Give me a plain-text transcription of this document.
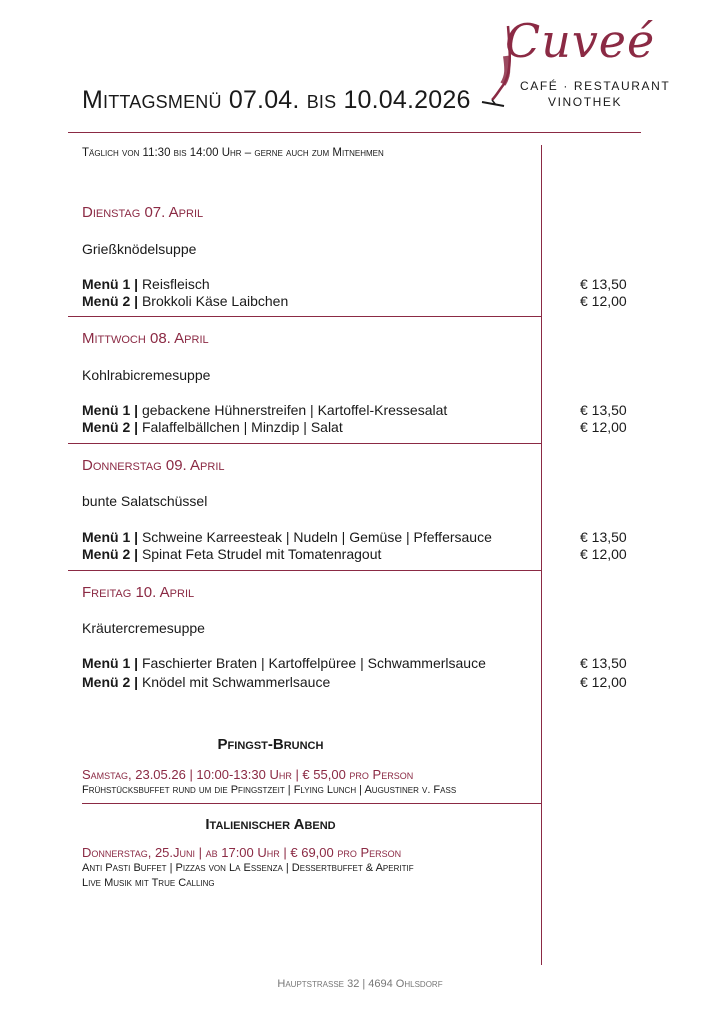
Mittagsmenü 07.04. bis 10.04.2026
Cuveé
CAFÉ · RESTAURANT
VINOTHEK
Täglich von 11:30 bis 14:00 Uhr – gerne auch zum Mitnehmen
Dienstag 07. April
Grießknödelsuppe
Menü 1 | Reisfleisch	€ 13,50
Menü 2 | Brokkoli Käse Laibchen	€ 12,00
Mittwoch 08. April
Kohlrabicremesuppe
Menü 1 | gebackene Hühnerstreifen | Kartoffel-Kressesalat	€ 13,50
Menü 2 | Falaffelbällchen | Minzdip | Salat	€ 12,00
Donnerstag 09. April
bunte Salatschüssel
Menü 1 | Schweine Karreesteak | Nudeln | Gemüse | Pfeffersauce	€ 13,50
Menü 2 | Spinat Feta Strudel mit Tomatenragout	€ 12,00
Freitag 10. April
Kräutercremesuppe
Menü 1 | Faschierter Braten | Kartoffelpüree | Schwammerlsauce	€ 13,50
Menü 2 | Knödel mit Schwammerlsauce	€ 12,00
Pfingst-Brunch
Samstag, 23.05.26 | 10:00-13:30 Uhr | € 55,00 pro Person
Frühstücksbuffet rund um die Pfingstzeit | Flying Lunch | Augustiner v. Faß
Italienischer Abend
Donnerstag, 25.Juni | ab 17:00 Uhr | € 69,00 pro Person
Anti Pasti Buffet | Pizzas von La Essenza | Dessertbuffet & Aperitif
Live Musik mit True Calling
Hauptstraße 32 | 4694 Ohlsdorf
